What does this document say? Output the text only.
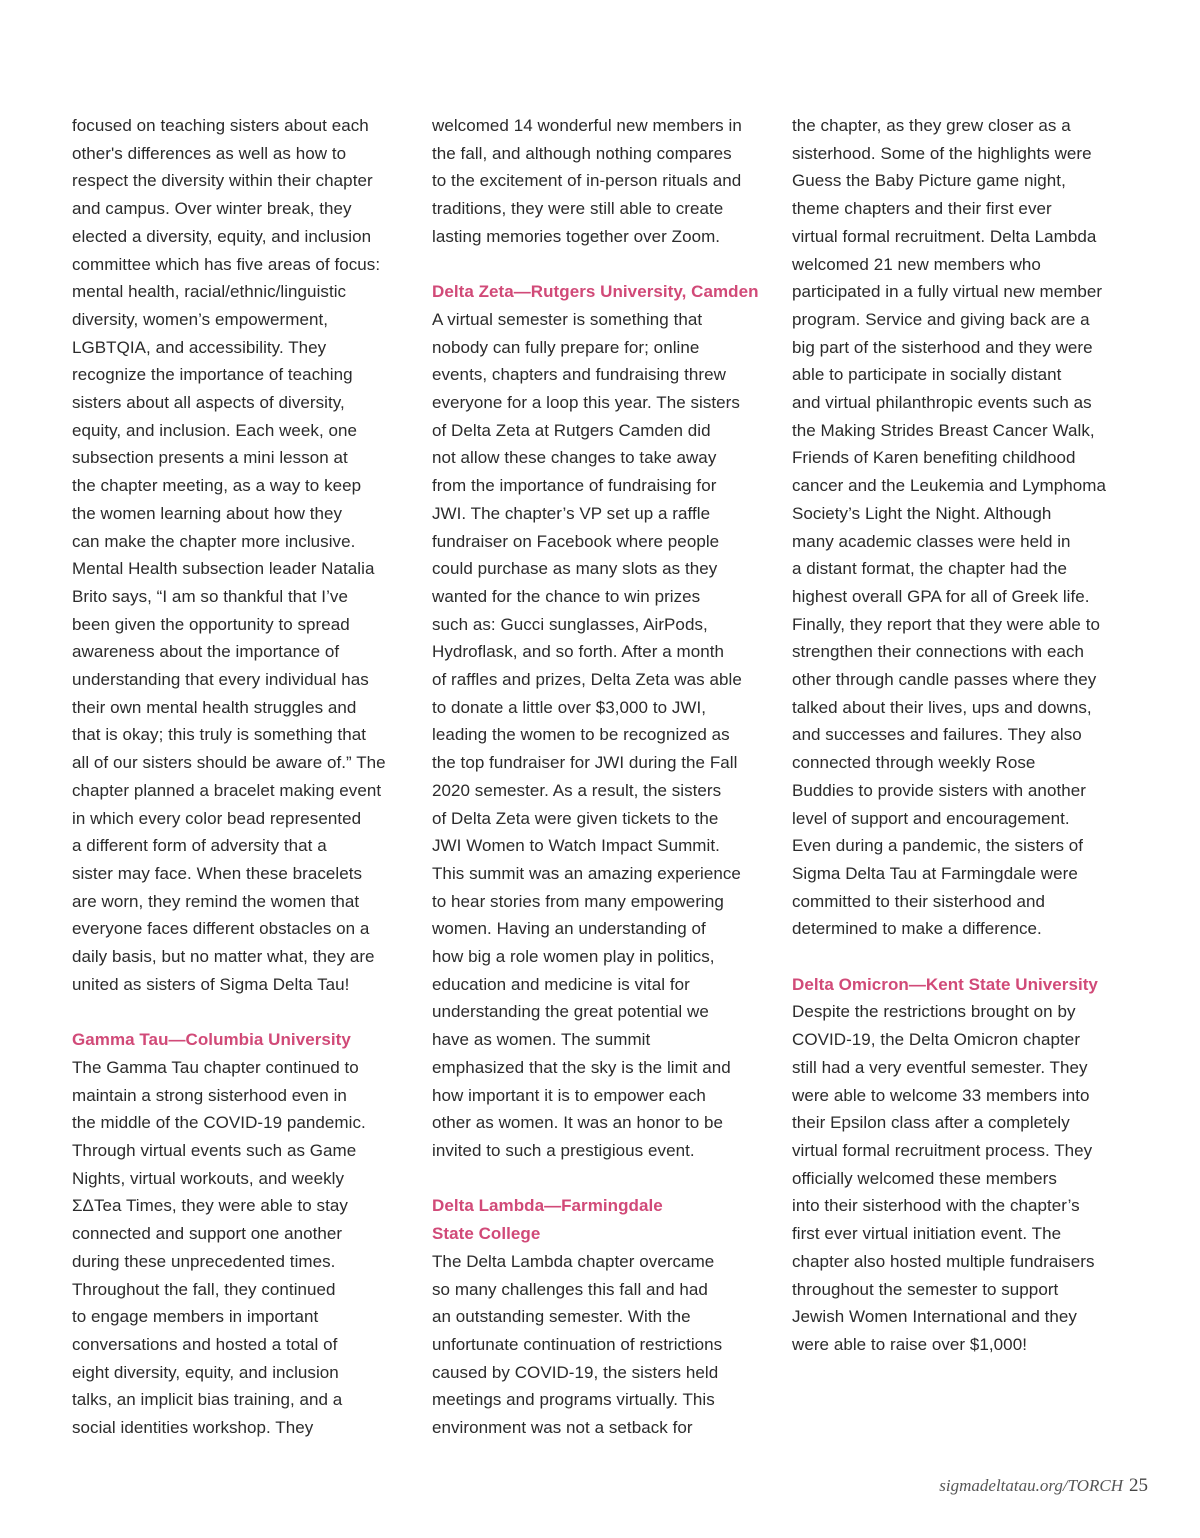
focused on teaching sisters about each
other's differences as well as how to
respect the diversity within their chapter
and campus. Over winter break, they
elected a diversity, equity, and inclusion
committee which has five areas of focus:
mental health, racial/ethnic/linguistic
diversity, women’s empowerment,
LGBTQIA, and accessibility. They
recognize the importance of teaching
sisters about all aspects of diversity,
equity, and inclusion. Each week, one
subsection presents a mini lesson at
the chapter meeting, as a way to keep
the women learning about how they
can make the chapter more inclusive.
Mental Health subsection leader Natalia
Brito says, “I am so thankful that I’ve
been given the opportunity to spread
awareness about the importance of
understanding that every individual has
their own mental health struggles and
that is okay; this truly is something that
all of our sisters should be aware of.” The
chapter planned a bracelet making event
in which every color bead represented
a different form of adversity that a
sister may face. When these bracelets
are worn, they remind the women that
everyone faces different obstacles on a
daily basis, but no matter what, they are
united as sisters of Sigma Delta Tau!
Gamma Tau—Columbia University
The Gamma Tau chapter continued to
maintain a strong sisterhood even in
the middle of the COVID-19 pandemic.
Through virtual events such as Game
Nights, virtual workouts, and weekly
ΣΔTea Times, they were able to stay
connected and support one another
during these unprecedented times.
Throughout the fall, they continued
to engage members in important
conversations and hosted a total of
eight diversity, equity, and inclusion
talks, an implicit bias training, and a
social identities workshop. They
welcomed 14 wonderful new members in
the fall, and although nothing compares
to the excitement of in-person rituals and
traditions, they were still able to create
lasting memories together over Zoom.
Delta Zeta—Rutgers University, Camden
A virtual semester is something that
nobody can fully prepare for; online
events, chapters and fundraising threw
everyone for a loop this year. The sisters
of Delta Zeta at Rutgers Camden did
not allow these changes to take away
from the importance of fundraising for
JWI. The chapter’s VP set up a raffle
fundraiser on Facebook where people
could purchase as many slots as they
wanted for the chance to win prizes
such as: Gucci sunglasses, AirPods,
Hydroflask, and so forth. After a month
of raffles and prizes, Delta Zeta was able
to donate a little over $3,000 to JWI,
leading the women to be recognized as
the top fundraiser for JWI during the Fall
2020 semester. As a result, the sisters
of Delta Zeta were given tickets to the
JWI Women to Watch Impact Summit.
This summit was an amazing experience
to hear stories from many empowering
women. Having an understanding of
how big a role women play in politics,
education and medicine is vital for
understanding the great potential we
have as women. The summit
emphasized that the sky is the limit and
how important it is to empower each
other as women. It was an honor to be
invited to such a prestigious event.
Delta Lambda—Farmingdale
State College
The Delta Lambda chapter overcame
so many challenges this fall and had
an outstanding semester. With the
unfortunate continuation of restrictions
caused by COVID-19, the sisters held
meetings and programs virtually. This
environment was not a setback for
the chapter, as they grew closer as a
sisterhood. Some of the highlights were
Guess the Baby Picture game night,
theme chapters and their first ever
virtual formal recruitment. Delta Lambda
welcomed 21 new members who
participated in a fully virtual new member
program. Service and giving back are a
big part of the sisterhood and they were
able to participate in socially distant
and virtual philanthropic events such as
the Making Strides Breast Cancer Walk,
Friends of Karen benefiting childhood
cancer and the Leukemia and Lymphoma
Society’s Light the Night. Although
many academic classes were held in
a distant format, the chapter had the
highest overall GPA for all of Greek life.
Finally, they report that they were able to
strengthen their connections with each
other through candle passes where they
talked about their lives, ups and downs,
and successes and failures. They also
connected through weekly Rose
Buddies to provide sisters with another
level of support and encouragement.
Even during a pandemic, the sisters of
Sigma Delta Tau at Farmingdale were
committed to their sisterhood and
determined to make a difference.
Delta Omicron—Kent State University
Despite the restrictions brought on by
COVID-19, the Delta Omicron chapter
still had a very eventful semester. They
were able to welcome 33 members into
their Epsilon class after a completely
virtual formal recruitment process. They
officially welcomed these members
into their sisterhood with the chapter’s
first ever virtual initiation event. The
chapter also hosted multiple fundraisers
throughout the semester to support
Jewish Women International and they
were able to raise over $1,000!
sigmadeltatau.org/TORCH 25
